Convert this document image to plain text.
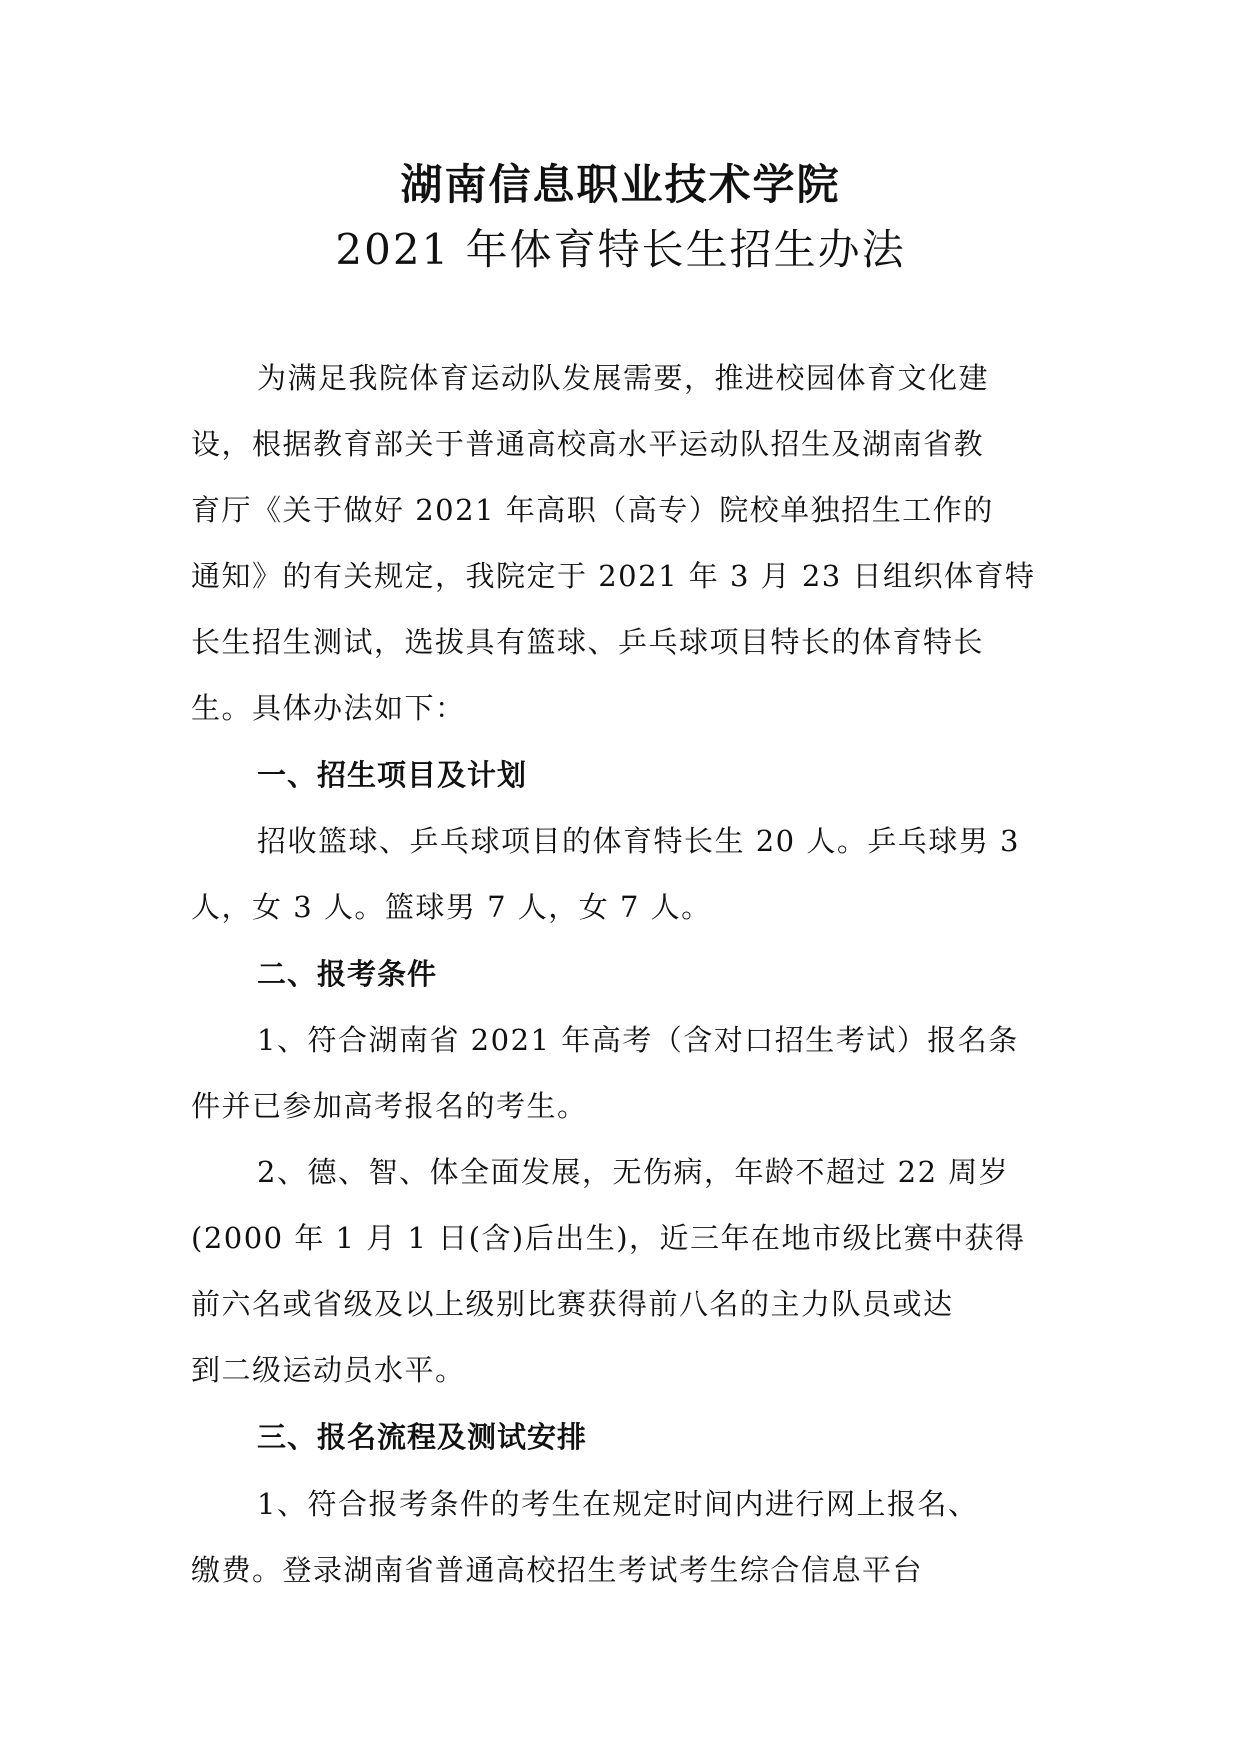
湖南信息职业技术学院
2021 年体育特长生招生办法
为满足我院体育运动队发展需要，推进校园体育文化建
设，根据教育部关于普通高校高水平运动队招生及湖南省教
育厅《关于做好 2021 年高职（高专）院校单独招生工作的
通知》的有关规定，我院定于 2021 年 3 月 23 日组织体育特
长生招生测试，选拔具有篮球、乒乓球项目特长的体育特长
生。具体办法如下：
一、招生项目及计划
招收篮球、乒乓球项目的体育特长生 20 人。乒乓球男 3
人，女 3 人。篮球男 7 人，女 7 人。
二、报考条件
1、符合湖南省 2021 年高考（含对口招生考试）报名条
件并已参加高考报名的考生。
2、德、智、体全面发展，无伤病，年龄不超过 22 周岁
(2000 年 1 月 1 日(含)后出生)，近三年在地市级比赛中获得
前六名或省级及以上级别比赛获得前八名的主力队员或达
到二级运动员水平。
三、报名流程及测试安排
1、符合报考条件的考生在规定时间内进行网上报名、
缴费。登录湖南省普通高校招生考试考生综合信息平台
